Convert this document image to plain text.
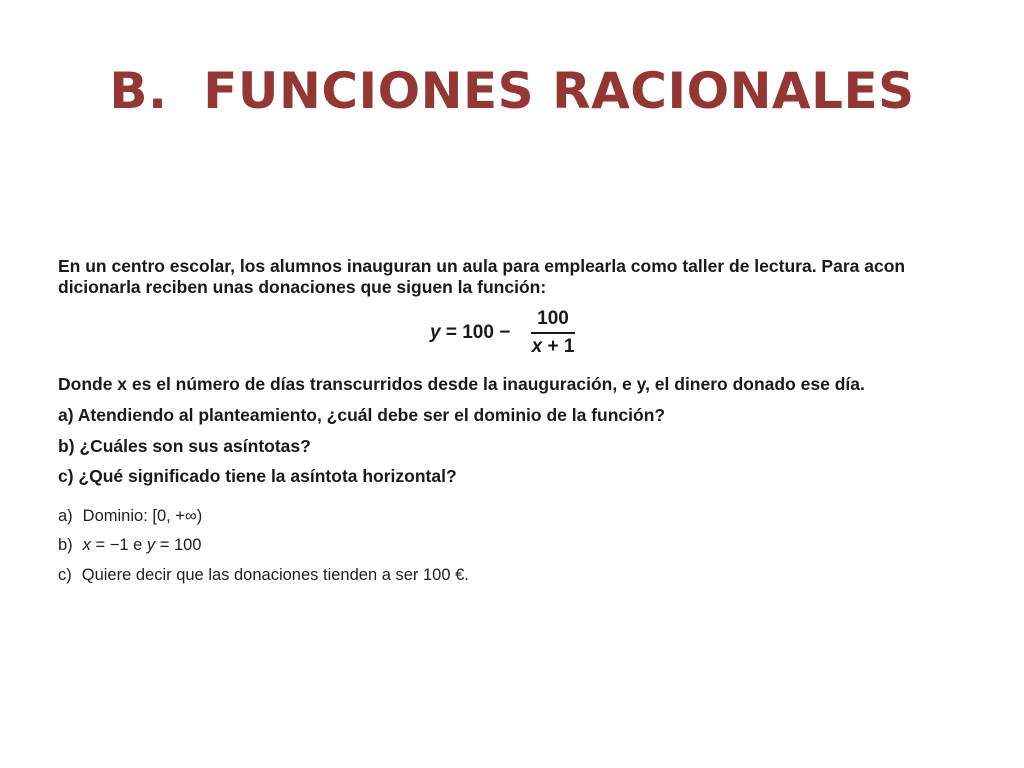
B.  FUNCIONES RACIONALES
En un centro escolar, los alumnos inauguran un aula para emplearla como taller de lectura. Para acon
dicionarla reciben unas donaciones que siguen la función:
$y = 100 - \frac{100}{x + 1}$
Donde x es el número de días transcurridos desde la inauguración, e y, el dinero donado ese día.
a) Atendiendo al planteamiento, ¿cuál debe ser el dominio de la función?
b) ¿Cuáles son sus asíntotas?
c) ¿Qué significado tiene la asíntota horizontal?
a) Dominio: [0, +∞)
b) x = −1 e y = 100
c) Quiere decir que las donaciones tienden a ser 100 €.
